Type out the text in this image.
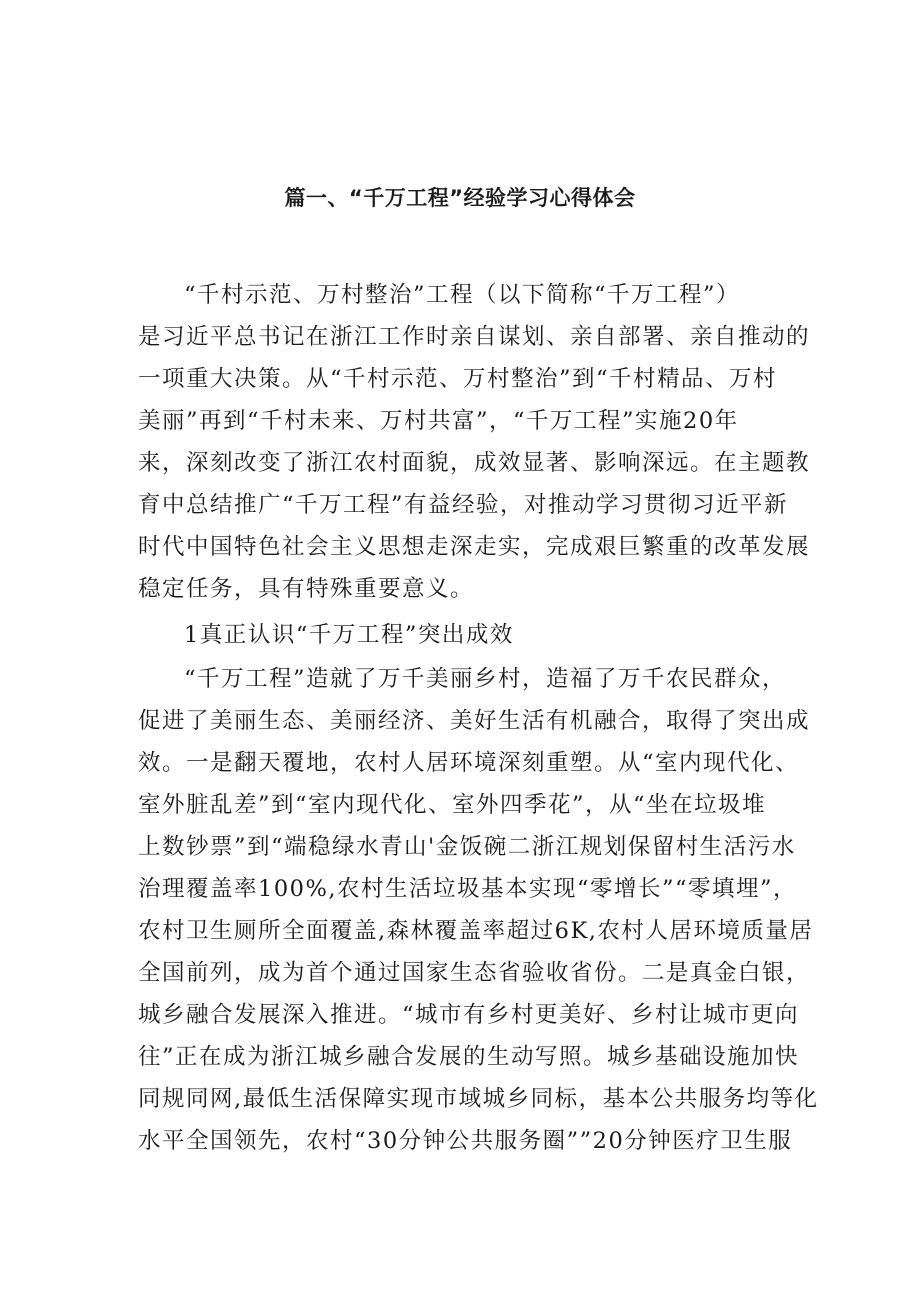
篇一、“千万工程”经验学习心得体会

“千村示范、万村整治”工程（以下简称“千万工程”）

是习近平总书记在浙江工作时亲自谋划、亲自部署、亲自推动的

一项重大决策。从“千村示范、万村整治”到“千村精品、万村

美丽”再到“千村未来、万村共富”，“千万工程”实施20年

来，深刻改变了浙江农村面貌，成效显著、影响深远。在主题教

育中总结推广“千万工程”有益经验，对推动学习贯彻习近平新

时代中国特色社会主义思想走深走实，完成艰巨繁重的改革发展

稳定任务，具有特殊重要意义。

1真正认识“千万工程”突出成效

“千万工程”造就了万千美丽乡村，造福了万千农民群众，

促进了美丽生态、美丽经济、美好生活有机融合，取得了突出成

效。一是翻天覆地，农村人居环境深刻重塑。从“室内现代化、

室外脏乱差”到“室内现代化、室外四季花”，从“坐在垃圾堆

上数钞票”到“端稳绿水青山'金饭碗二浙江规划保留村生活污水

治理覆盖率100%,农村生活垃圾基本实现“零增长”“零填埋”，

农村卫生厕所全面覆盖,森林覆盖率超过6K,农村人居环境质量居

全国前列，成为首个通过国家生态省验收省份。二是真金白银，

城乡融合发展深入推进。“城市有乡村更美好、乡村让城市更向

往”正在成为浙江城乡融合发展的生动写照。城乡基础设施加快

同规同网,最低生活保障实现市域城乡同标，基本公共服务均等化

水平全国领先，农村“30分钟公共服务圈””20分钟医疗卫生服
